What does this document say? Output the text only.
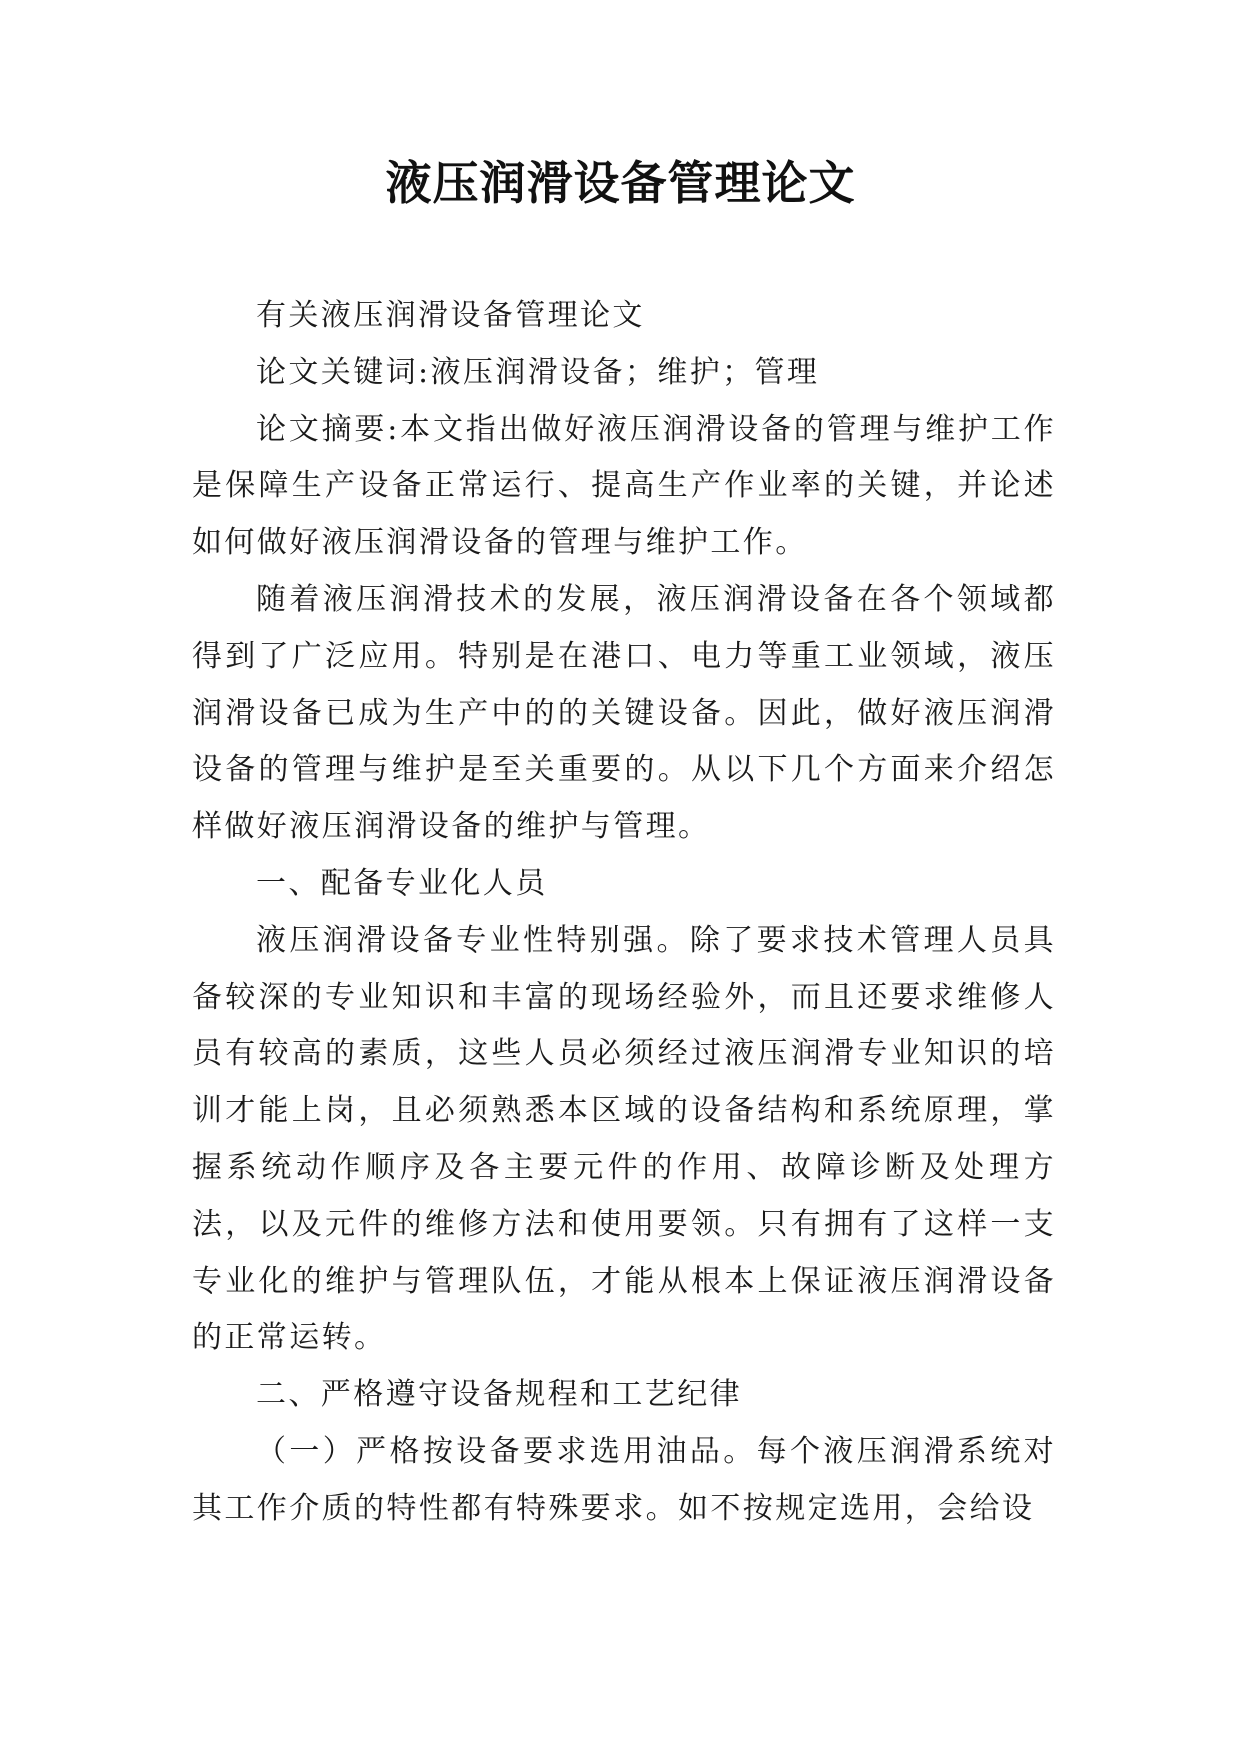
液压润滑设备管理论文

有关液压润滑设备管理论文

论文关键词:液压润滑设备；维护；管理

论文摘要:本文指出做好液压润滑设备的管理与维护工作是保障生产设备正常运行、提高生产作业率的关键，并论述如何做好液压润滑设备的管理与维护工作。

随着液压润滑技术的发展，液压润滑设备在各个领域都得到了广泛应用。特别是在港口、电力等重工业领域，液压润滑设备已成为生产中的的关键设备。因此，做好液压润滑设备的管理与维护是至关重要的。从以下几个方面来介绍怎样做好液压润滑设备的维护与管理。

一、配备专业化人员

液压润滑设备专业性特别强。除了要求技术管理人员具备较深的专业知识和丰富的现场经验外，而且还要求维修人员有较高的素质，这些人员必须经过液压润滑专业知识的培训才能上岗，且必须熟悉本区域的设备结构和系统原理，掌握系统动作顺序及各主要元件的作用、故障诊断及处理方法，以及元件的维修方法和使用要领。只有拥有了这样一支专业化的维护与管理队伍，才能从根本上保证液压润滑设备的正常运转。

二、严格遵守设备规程和工艺纪律

（一）严格按设备要求选用油品。每个液压润滑系统对其工作介质的特性都有特殊要求。如不按规定选用，会给设
